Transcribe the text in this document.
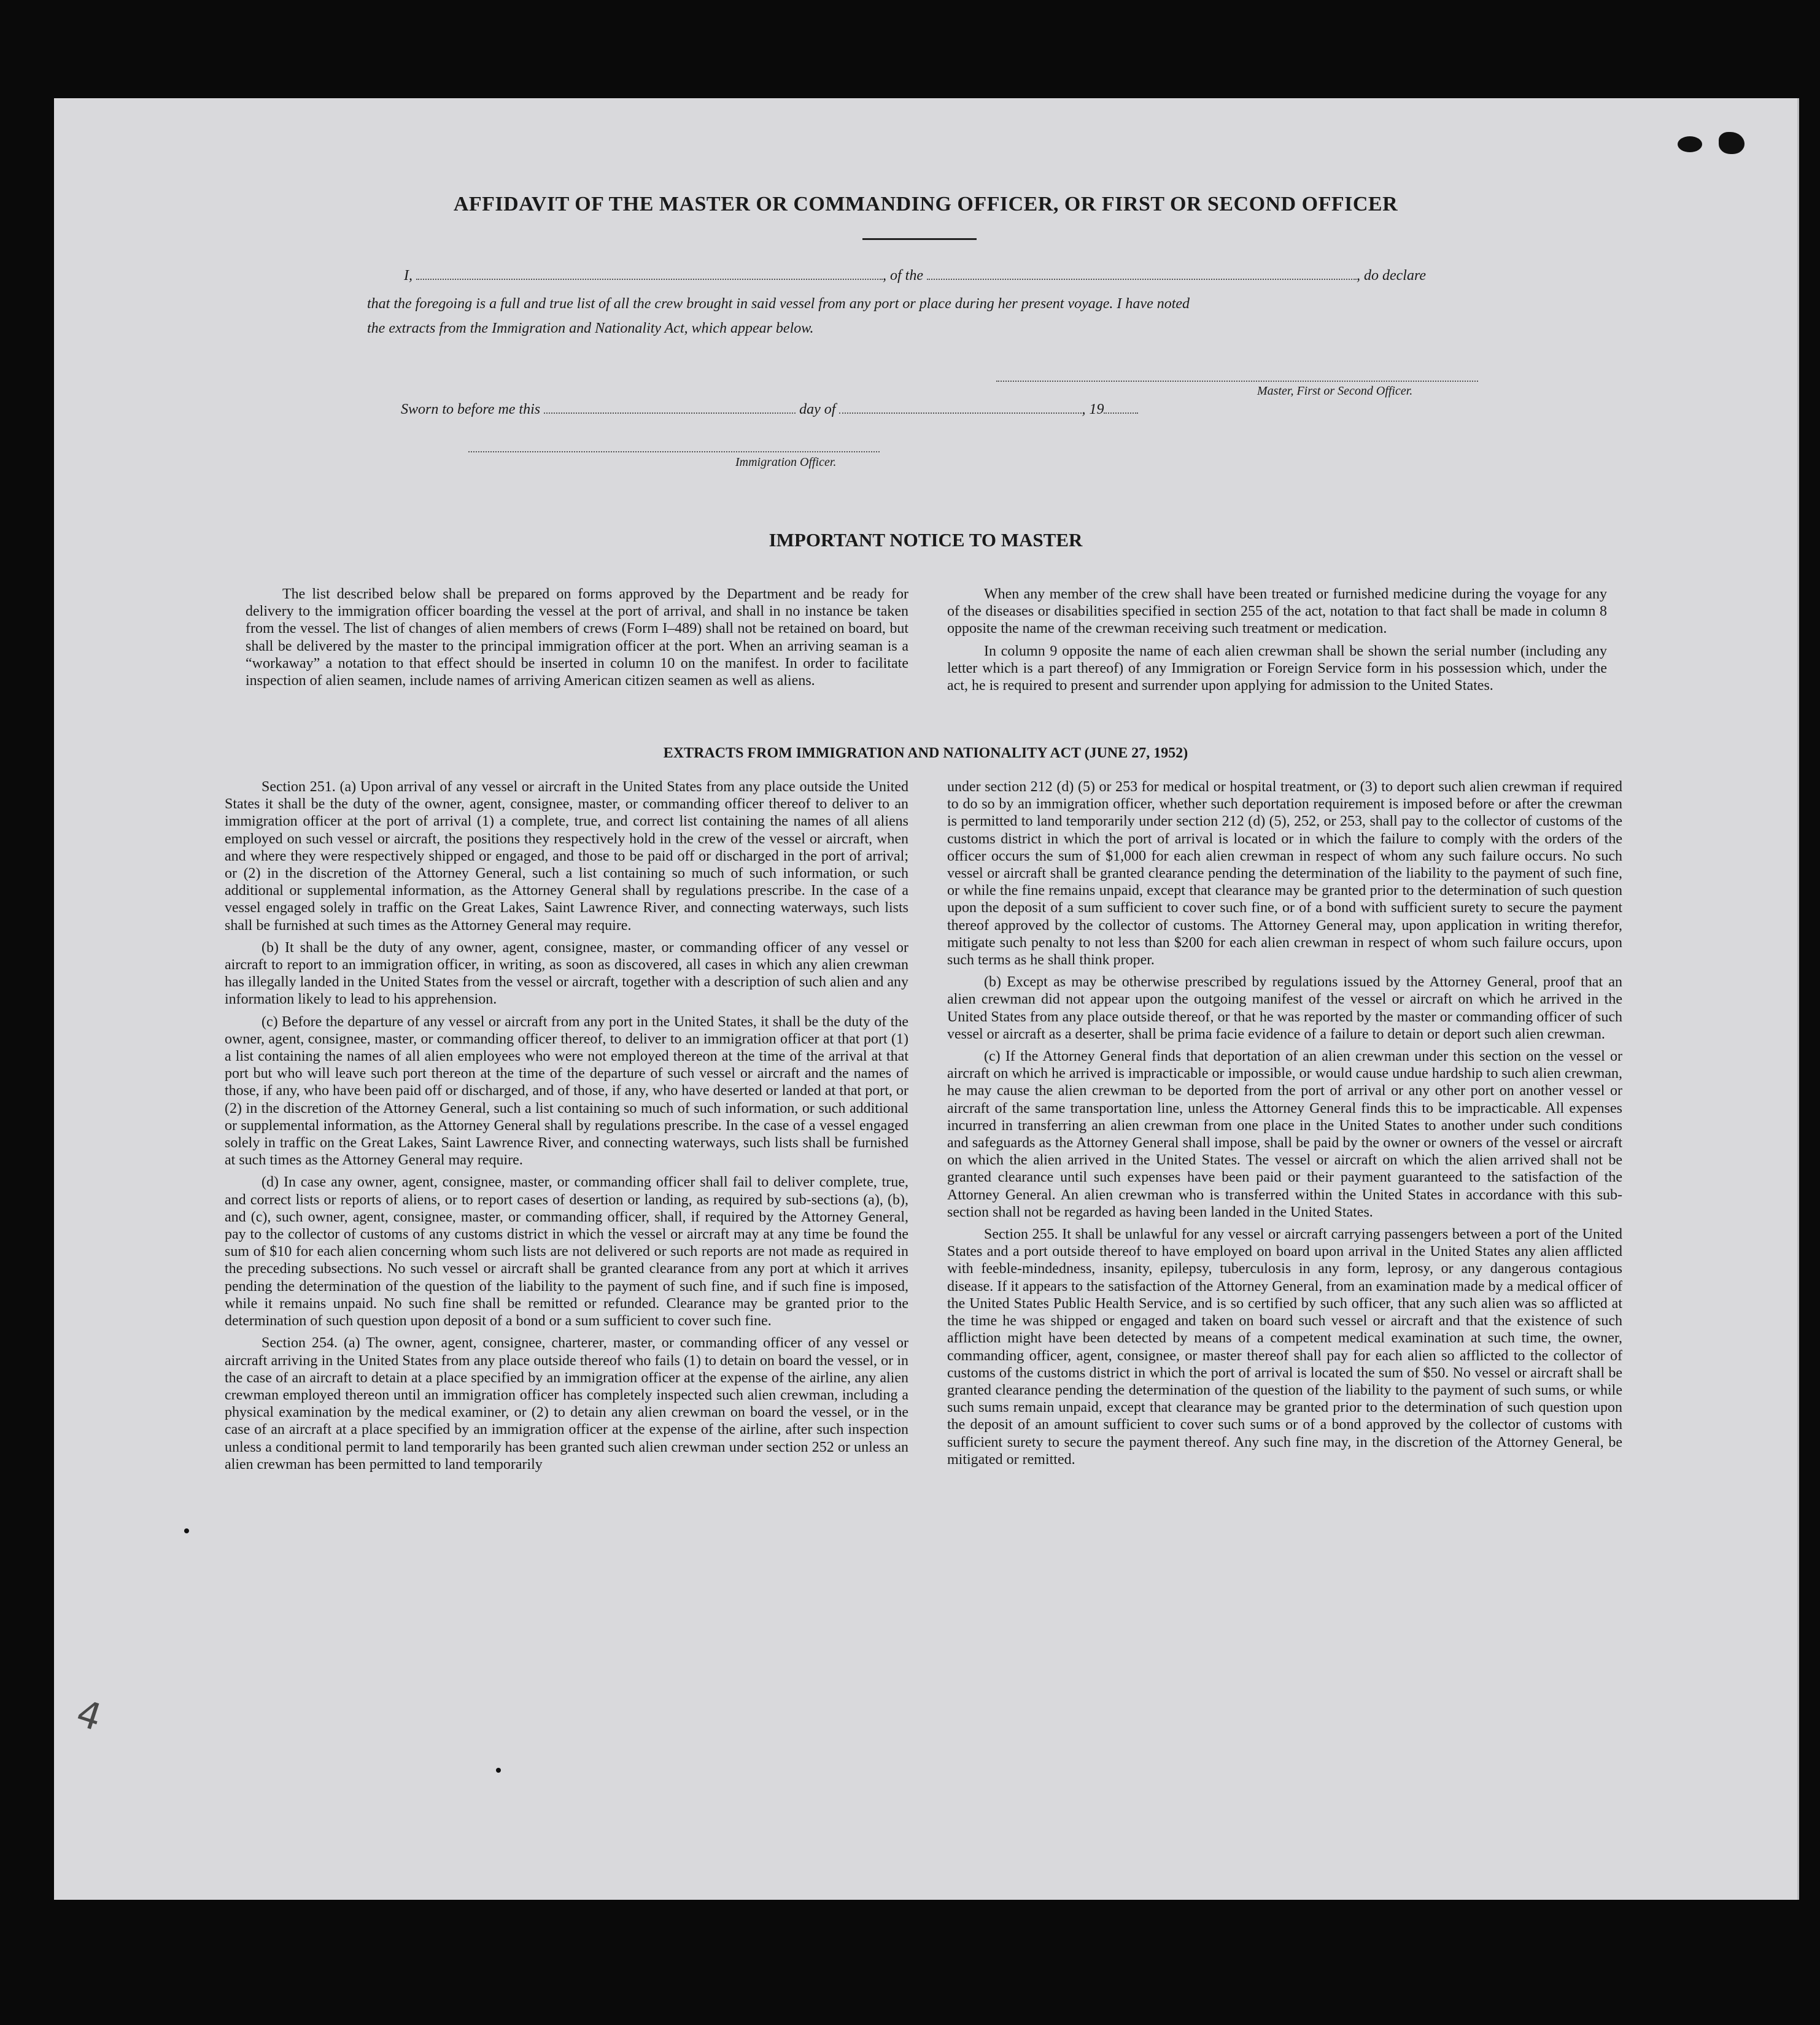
AFFIDAVIT OF THE MASTER OR COMMANDING OFFICER, OR FIRST OR SECOND OFFICER
I,	, of the	, do declare
that the foregoing is a full and true list of all the crew brought in said vessel from any port or place during her present voyage. I have noted
the extracts from the Immigration and Nationality Act, which appear below.
Master, First or Second Officer.
Sworn to before me this	day of	, 19
Immigration Officer.
IMPORTANT NOTICE TO MASTER

The list described below shall be prepared on forms approved by the Department and be ready for delivery to the immigration officer boarding the vessel at the port of arrival, and shall in no instance be taken from the vessel. The list of changes of alien members of crews (Form I–489) shall not be retained on board, but shall be delivered by the master to the principal immigration officer at the port. When an arriving seaman is a “workaway” a notation to that effect should be inserted in column 10 on the manifest. In order to facilitate inspection of alien seamen, include names of arriving American citizen seamen as well as aliens.

When any member of the crew shall have been treated or furnished medicine during the voyage for any of the diseases or disabilities specified in section 255 of the act, notation to that fact shall be made in column 8 opposite the name of the crewman receiving such treatment or medication.

In column 9 opposite the name of each alien crewman shall be shown the serial number (including any letter which is a part thereof) of any Immigration or Foreign Service form in his possession which, under the act, he is required to present and surrender upon applying for admission to the United States.

EXTRACTS FROM IMMIGRATION AND NATIONALITY ACT (JUNE 27, 1952)

Section 251. (a) Upon arrival of any vessel or aircraft in the United States from any place outside the United States it shall be the duty of the owner, agent, consignee, master, or commanding officer thereof to deliver to an immigration officer at the port of arrival (1) a complete, true, and correct list containing the names of all aliens employed on such vessel or aircraft, the positions they respectively hold in the crew of the vessel or aircraft, when and where they were respectively shipped or engaged, and those to be paid off or discharged in the port of arrival; or (2) in the discretion of the Attorney General, such a list containing so much of such information, or such additional or supplemental information, as the Attorney General shall by regulations prescribe. In the case of a vessel engaged solely in traffic on the Great Lakes, Saint Lawrence River, and connecting waterways, such lists shall be furnished at such times as the Attorney General may require.

(b) It shall be the duty of any owner, agent, consignee, master, or commanding officer of any vessel or aircraft to report to an immigration officer, in writing, as soon as discovered, all cases in which any alien crewman has illegally landed in the United States from the vessel or aircraft, together with a description of such alien and any information likely to lead to his apprehension.

(c) Before the departure of any vessel or aircraft from any port in the United States, it shall be the duty of the owner, agent, consignee, master, or commanding officer thereof, to deliver to an immigration officer at that port (1) a list containing the names of all alien employees who were not employed thereon at the time of the arrival at that port but who will leave such port thereon at the time of the departure of such vessel or aircraft and the names of those, if any, who have been paid off or discharged, and of those, if any, who have deserted or landed at that port, or (2) in the discretion of the Attorney General, such a list containing so much of such information, or such additional or supplemental information, as the Attorney General shall by regulations prescribe. In the case of a vessel engaged solely in traffic on the Great Lakes, Saint Lawrence River, and connecting waterways, such lists shall be furnished at such times as the Attorney General may require.

(d) In case any owner, agent, consignee, master, or commanding officer shall fail to deliver complete, true, and correct lists or reports of aliens, or to report cases of desertion or landing, as required by sub-sections (a), (b), and (c), such owner, agent, consignee, master, or commanding officer, shall, if required by the Attorney General, pay to the collector of customs of any customs district in which the vessel or aircraft may at any time be found the sum of $10 for each alien concerning whom such lists are not delivered or such reports are not made as required in the preceding subsections. No such vessel or aircraft shall be granted clearance from any port at which it arrives pending the determination of the question of the liability to the payment of such fine, and if such fine is imposed, while it remains unpaid. No such fine shall be remitted or refunded. Clearance may be granted prior to the determination of such question upon deposit of a bond or a sum sufficient to cover such fine.

Section 254. (a) The owner, agent, consignee, charterer, master, or commanding officer of any vessel or aircraft arriving in the United States from any place outside thereof who fails (1) to detain on board the vessel, or in the case of an aircraft to detain at a place specified by an immigration officer at the expense of the airline, any alien crewman employed thereon until an immigration officer has completely inspected such alien crewman, including a physical examination by the medical examiner, or (2) to detain any alien crewman on board the vessel, or in the case of an aircraft at a place specified by an immigration officer at the expense of the airline, after such inspection unless a conditional permit to land temporarily has been granted such alien crewman under section 252 or unless an alien crewman has been permitted to land temporarily

under section 212 (d) (5) or 253 for medical or hospital treatment, or (3) to deport such alien crewman if required to do so by an immigration officer, whether such deportation requirement is imposed before or after the crewman is permitted to land temporarily under section 212 (d) (5), 252, or 253, shall pay to the collector of customs of the customs district in which the port of arrival is located or in which the failure to comply with the orders of the officer occurs the sum of $1,000 for each alien crewman in respect of whom any such failure occurs. No such vessel or aircraft shall be granted clearance pending the determination of the liability to the payment of such fine, or while the fine remains unpaid, except that clearance may be granted prior to the determination of such question upon the deposit of a sum sufficient to cover such fine, or of a bond with sufficient surety to secure the payment thereof approved by the collector of customs. The Attorney General may, upon application in writing therefor, mitigate such penalty to not less than $200 for each alien crewman in respect of whom such failure occurs, upon such terms as he shall think proper.

(b) Except as may be otherwise prescribed by regulations issued by the Attorney General, proof that an alien crewman did not appear upon the outgoing manifest of the vessel or aircraft on which he arrived in the United States from any place outside thereof, or that he was reported by the master or commanding officer of such vessel or aircraft as a deserter, shall be prima facie evidence of a failure to detain or deport such alien crewman.

(c) If the Attorney General finds that deportation of an alien crewman under this section on the vessel or aircraft on which he arrived is impracticable or impossible, or would cause undue hardship to such alien crewman, he may cause the alien crewman to be deported from the port of arrival or any other port on another vessel or aircraft of the same transportation line, unless the Attorney General finds this to be impracticable. All expenses incurred in transferring an alien crewman from one place in the United States to another under such conditions and safeguards as the Attorney General shall impose, shall be paid by the owner or owners of the vessel or aircraft on which the alien arrived in the United States. The vessel or aircraft on which the alien arrived shall not be granted clearance until such expenses have been paid or their payment guaranteed to the satisfaction of the Attorney General. An alien crewman who is transferred within the United States in accordance with this sub-section shall not be regarded as having been landed in the United States.

Section 255. It shall be unlawful for any vessel or aircraft carrying passengers between a port of the United States and a port outside thereof to have employed on board upon arrival in the United States any alien afflicted with feeble-mindedness, insanity, epilepsy, tuberculosis in any form, leprosy, or any dangerous contagious disease. If it appears to the satisfaction of the Attorney General, from an examination made by a medical officer of the United States Public Health Service, and is so certified by such officer, that any such alien was so afflicted at the time he was shipped or engaged and taken on board such vessel or aircraft and that the existence of such affliction might have been detected by means of a competent medical examination at such time, the owner, commanding officer, agent, consignee, or master thereof shall pay for each alien so afflicted to the collector of customs of the customs district in which the port of arrival is located the sum of $50. No vessel or aircraft shall be granted clearance pending the determination of the question of the liability to the payment of such sums, or while such sums remain unpaid, except that clearance may be granted prior to the determination of such question upon the deposit of an amount sufficient to cover such sums or of a bond approved by the collector of customs with sufficient surety to secure the payment thereof. Any such fine may, in the discretion of the Attorney General, be mitigated or remitted.

4
